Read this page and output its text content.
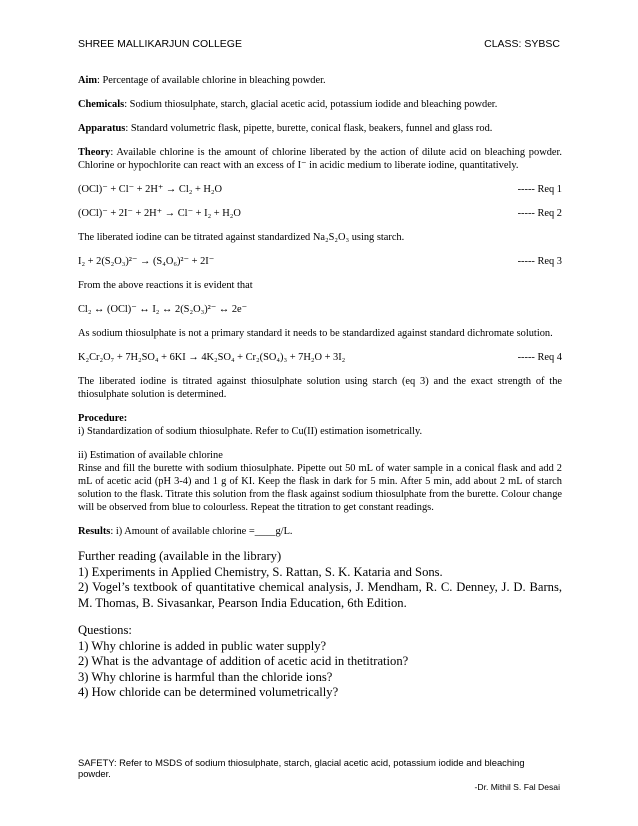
SHREE MALLIKARJUN COLLEGE	CLASS: SYBSC

Aim: Percentage of available chlorine in bleaching powder.

Chemicals: Sodium thiosulphate, starch, glacial acetic acid, potassium iodide and bleaching powder.

Apparatus: Standard volumetric flask, pipette, burette, conical flask, beakers, funnel and glass rod.

Theory: Available chlorine is the amount of chlorine liberated by the action of dilute acid on bleaching powder. Chlorine or hypochlorite can react with an excess of I⁻ in acidic medium to liberate iodine, quantitatively.

(OCl)⁻ + Cl⁻ + 2H⁺ → Cl₂ + H₂O	----- Req 1
(OCl)⁻ + 2I⁻ + 2H⁺ → Cl⁻ + I₂ + H₂O	----- Req 2

The liberated iodine can be titrated against standardized Na₂S₂O₃ using starch.

I₂ + 2(S₂O₃)²⁻ → (S₄O₆)²⁻ + 2I⁻	----- Req 3

From the above reactions it is evident that

Cl₂ ↔ (OCl)⁻ ↔ I₂ ↔ 2(S₂O₃)²⁻ ↔ 2e⁻

As sodium thiosulphate is not a primary standard it needs to be standardized against standard dichromate solution.

K₂Cr₂O₇ + 7H₂SO₄ + 6KI → 4K₂SO₄ + Cr₂(SO₄)₃ + 7H₂O + 3I₂	----- Req 4

The liberated iodine is titrated against thiosulphate solution using starch (eq 3) and the exact strength of the thiosulphate solution is determined.

Procedure:

i) Standardization of sodium thiosulphate. Refer to Cu(II) estimation isometrically.

ii) Estimation of available chlorine

Rinse and fill the burette with sodium thiosulphate. Pipette out 50 mL of water sample in a conical flask and add 2 mL of acetic acid (pH 3-4) and 1 g of KI. Keep the flask in dark for 5 min. After 5 min, add about 2 mL of starch solution to the flask. Titrate this solution from the flask against sodium thiosulphate from the burette. Colour change will be observed from blue to colourless. Repeat the titration to get constant readings.

Results: i) Amount of available chlorine =____g/L.

Further reading (available in the library)

1) Experiments in Applied Chemistry, S. Rattan, S. K. Kataria and Sons.

2) Vogel’s textbook of quantitative chemical analysis, J. Mendham, R. C. Denney, J. D. Barns, M. Thomas, B. Sivasankar, Pearson India Education, 6th Edition.

Questions:

1) Why chlorine is added in public water supply?

2) What is the advantage of addition of acetic acid in thetitration?

3) Why chlorine is harmful than the chloride ions?

4) How chloride can be determined volumetrically?

SAFETY: Refer to MSDS of sodium thiosulphate, starch, glacial acetic acid, potassium iodide and bleaching powder.
-Dr. Mithil S. Fal Desai
